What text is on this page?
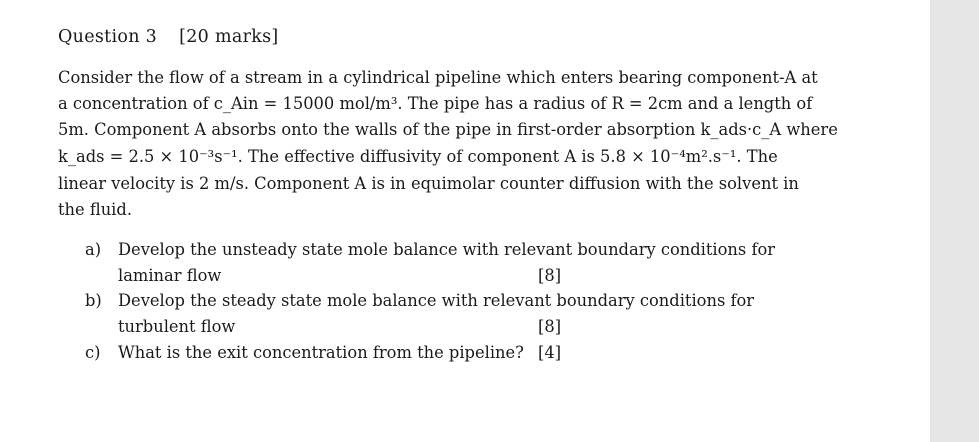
Question 3 [20 marks]
Consider the flow of a stream in a cylindrical pipeline which enters bearing component-A at
a concentration of c_Ain = 15000 mol/m³. The pipe has a radius of R = 2cm and a length of
5m. Component A absorbs onto the walls of the pipe in first-order absorption k_ads·c_A where
k_ads = 2.5 × 10⁻³s⁻¹. The effective diffusivity of component A is 5.8 × 10⁻⁴m².s⁻¹. The
linear velocity is 2 m/s. Component A is in equimolar counter diffusion with the solvent in
the fluid.
a) Develop the unsteady state mole balance with relevant boundary conditions for
laminar flow	[8]
b) Develop the steady state mole balance with relevant boundary conditions for
turbulent flow	[8]
c) What is the exit concentration from the pipeline? [4]
